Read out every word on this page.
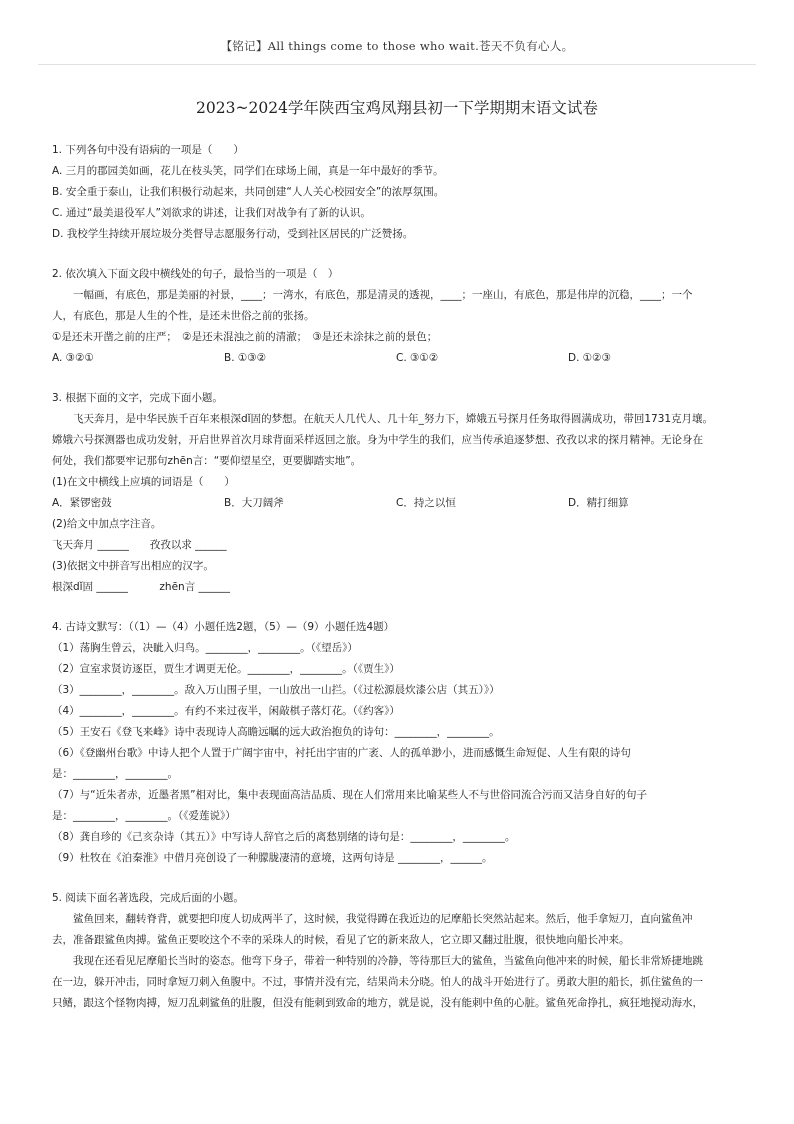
【铭记】All things come to those who wait.苍天不负有心人。
2023~2024学年陕西宝鸡凤翔县初一下学期期末语文试卷
1. 下列各句中没有语病的一项是（　　）
A. 三月的郡园美如画，花儿在枝头笑，同学们在球场上闹，真是一年中最好的季节。
B. 安全重于泰山，让我们积极行动起来，共同创建“人人关心校园安全”的浓厚氛围。
C. 通过“最美退役军人”刘欲求的讲述，让我们对战争有了新的认识。
D. 我校学生持续开展垃圾分类督导志愿服务行动，受到社区居民的广泛赞扬。
2. 依次填入下面文段中横线处的句子，最恰当的一项是（　）
一幅画，有底色，那是美丽的衬景，____；一湾水，有底色，那是清灵的透视，____；一座山，有底色，那是伟岸的沉稳，____；一个
人，有底色，那是人生的个性，是还未世俗之前的张扬。
①是还未开凿之前的庄严；　②是还未混浊之前的清澈；　③是还未涂抹之前的景色；
A. ③②①	B. ①③②	C. ③①②	D. ①②③
3. 根据下面的文字，完成下面小题。
飞天奔月，是中华民族千百年来根深dǐ固的梦想。在航天人几代人、几十年_努力下，嫦娥五号探月任务取得圆满成功，带回1731克月壤。
嫦娥六号探测器也成功发射，开启世界首次月球背面采样返回之旅。身为中学生的我们，应当传承追逐梦想、孜孜以求的探月精神。无论身在
何处，我们都要牢记那句zhēn言：“要仰望星空，更要脚踏实地”。
(1)在文中横线上应填的词语是（　　）
A．紧锣密鼓	B．大刀阔斧	C．持之以恒	D．精打细算
(2)给文中加点字注音。
飞天奔月 ______　　孜孜以求 ______
(3)依据文中拼音写出相应的汉字。
根深dǐ固 ______　　　zhēn言 ______
4. 古诗文默写：（（1）—（4）小题任选2题，（5）—（9）小题任选4题）
（1）荡胸生曾云，决眦入归鸟。________，________。（《望岳》）
（2）宣室求贤访逐臣，贾生才调更无伦。________，________。（《贾生》）
（3）________，________。敌入万山围子里，一山放出一山拦。（《过松源晨炊漆公店（其五）》）
（4）________，________。有约不来过夜半，闲敲棋子落灯花。（《约客》）
（5）王安石《登飞来峰》诗中表现诗人高瞻远瞩的远大政治抱负的诗句：________，________。
（6）《登幽州台歌》中诗人把个人置于广阔宇宙中，衬托出宇宙的广袤、人的孤单渺小，进而感慨生命短促、人生有限的诗句
是：________，________。
（7）与“近朱者赤，近墨者黑”相对比，集中表现面高洁品质、现在人们常用来比喻某些人不与世俗同流合污而又洁身自好的句子
是：________，________。（《爱莲说》）
（8）龚自珍的《己亥杂诗（其五）》中写诗人辞官之后的离愁别绪的诗句是：________，________。
（9）杜牧在《泊秦淮》中借月亮创设了一种朦胧凄清的意境，这两句诗是 ________，______。
5. 阅读下面名著选段，完成后面的小题。
鲨鱼回来，翻转脊背，就要把印度人切成两半了，这时候，我觉得蹲在我近边的尼摩船长突然站起来。然后，他手拿短刀，直向鲨鱼冲
去，准备跟鲨鱼肉搏。鲨鱼正要咬这个不幸的采珠人的时候，看见了它的新来敌人，它立即又翻过肚腹，很快地向船长冲来。
我现在还看见尼摩船长当时的姿态。他弯下身子，带着一种特别的冷静，等待那巨大的鲨鱼，当鲨鱼向他冲来的时候，船长非常矫捷地跳
在一边，躲开冲击，同时拿短刀刺入鱼腹中。不过，事情并没有完，结果尚未分晓。怕人的战斗开始进行了。勇敢大胆的船长，抓住鲨鱼的一
只鳍，跟这个怪物肉搏，短刀乱刺鲨鱼的肚腹，但没有能刺到致命的地方，就是说，没有能刺中鱼的心脏。鲨鱼死命挣扎，疯狂地搅动海水，
